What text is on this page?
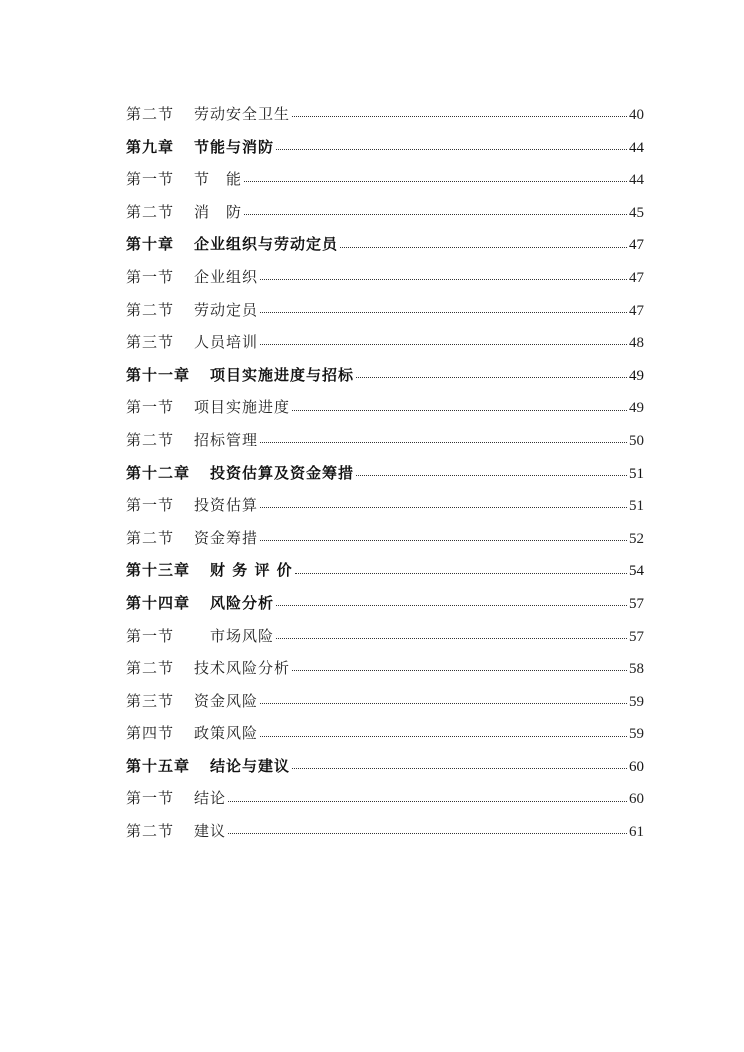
第二节 劳动安全卫生	40
第九章 节能与消防	44
第一节 节　能	44
第二节 消　防	45
第十章 企业组织与劳动定员	47
第一节 企业组织	47
第二节 劳动定员	47
第三节 人员培训	48
第十一章 项目实施进度与招标	49
第一节 项目实施进度	49
第二节 招标管理	50
第十二章 投资估算及资金筹措	51
第一节 投资估算	51
第二节 资金筹措	52
第十三章 财 务 评 价	54
第十四章 风险分析	57
第一节 　市场风险	57
第二节 技术风险分析	58
第三节 资金风险	59
第四节 政策风险	59
第十五章 结论与建议	60
第一节 结论	60
第二节 建议	61
